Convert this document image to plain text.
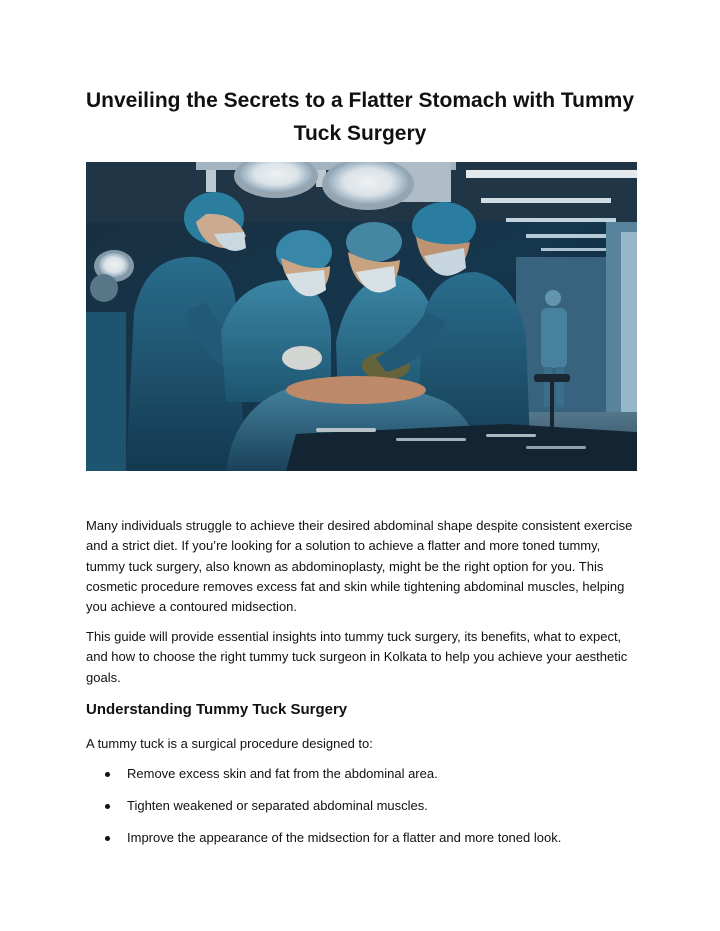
Unveiling the Secrets to a Flatter Stomach with Tummy Tuck Surgery

Many individuals struggle to achieve their desired abdominal shape despite consistent exercise and a strict diet. If you’re looking for a solution to achieve a flatter and more toned tummy, tummy tuck surgery, also known as abdominoplasty, might be the right option for you. This cosmetic procedure removes excess fat and skin while tightening abdominal muscles, helping you achieve a contoured midsection.

This guide will provide essential insights into tummy tuck surgery, its benefits, what to expect, and how to choose the right tummy tuck surgeon in Kolkata to help you achieve your aesthetic goals.

Understanding Tummy Tuck Surgery

A tummy tuck is a surgical procedure designed to:

Remove excess skin and fat from the abdominal area.
Tighten weakened or separated abdominal muscles.
Improve the appearance of the midsection for a flatter and more toned look.
